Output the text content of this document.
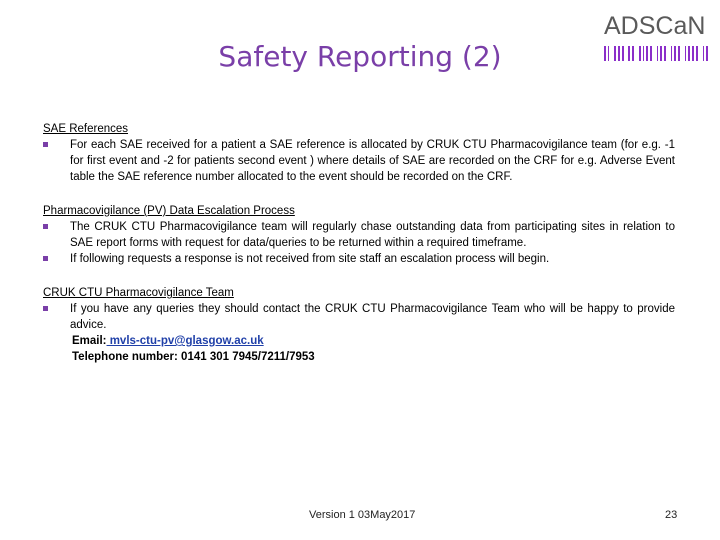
ADSCaN
Safety Reporting (2)
SAE References
For each SAE received for a patient a SAE reference is allocated by CRUK CTU Pharmacovigilance team (for e.g. -1 for first event and -2 for patients second event ) where details of SAE are recorded on the CRF for e.g. Adverse Event table the SAE reference number allocated to the event should be recorded on the CRF.
Pharmacovigilance (PV) Data Escalation Process
The CRUK CTU Pharmacovigilance team will regularly chase outstanding data from participating sites in relation to SAE report forms with request for data/queries to be returned within a required timeframe.
If following requests a response is not received from site staff an escalation process will begin.
CRUK CTU Pharmacovigilance Team
If you have any queries they should contact the CRUK CTU Pharmacovigilance Team who will be happy to provide advice.
Email: mvls-ctu-pv@glasgow.ac.uk
Telephone number: 0141 301 7945/7211/7953
Version 1 03May2017	23
